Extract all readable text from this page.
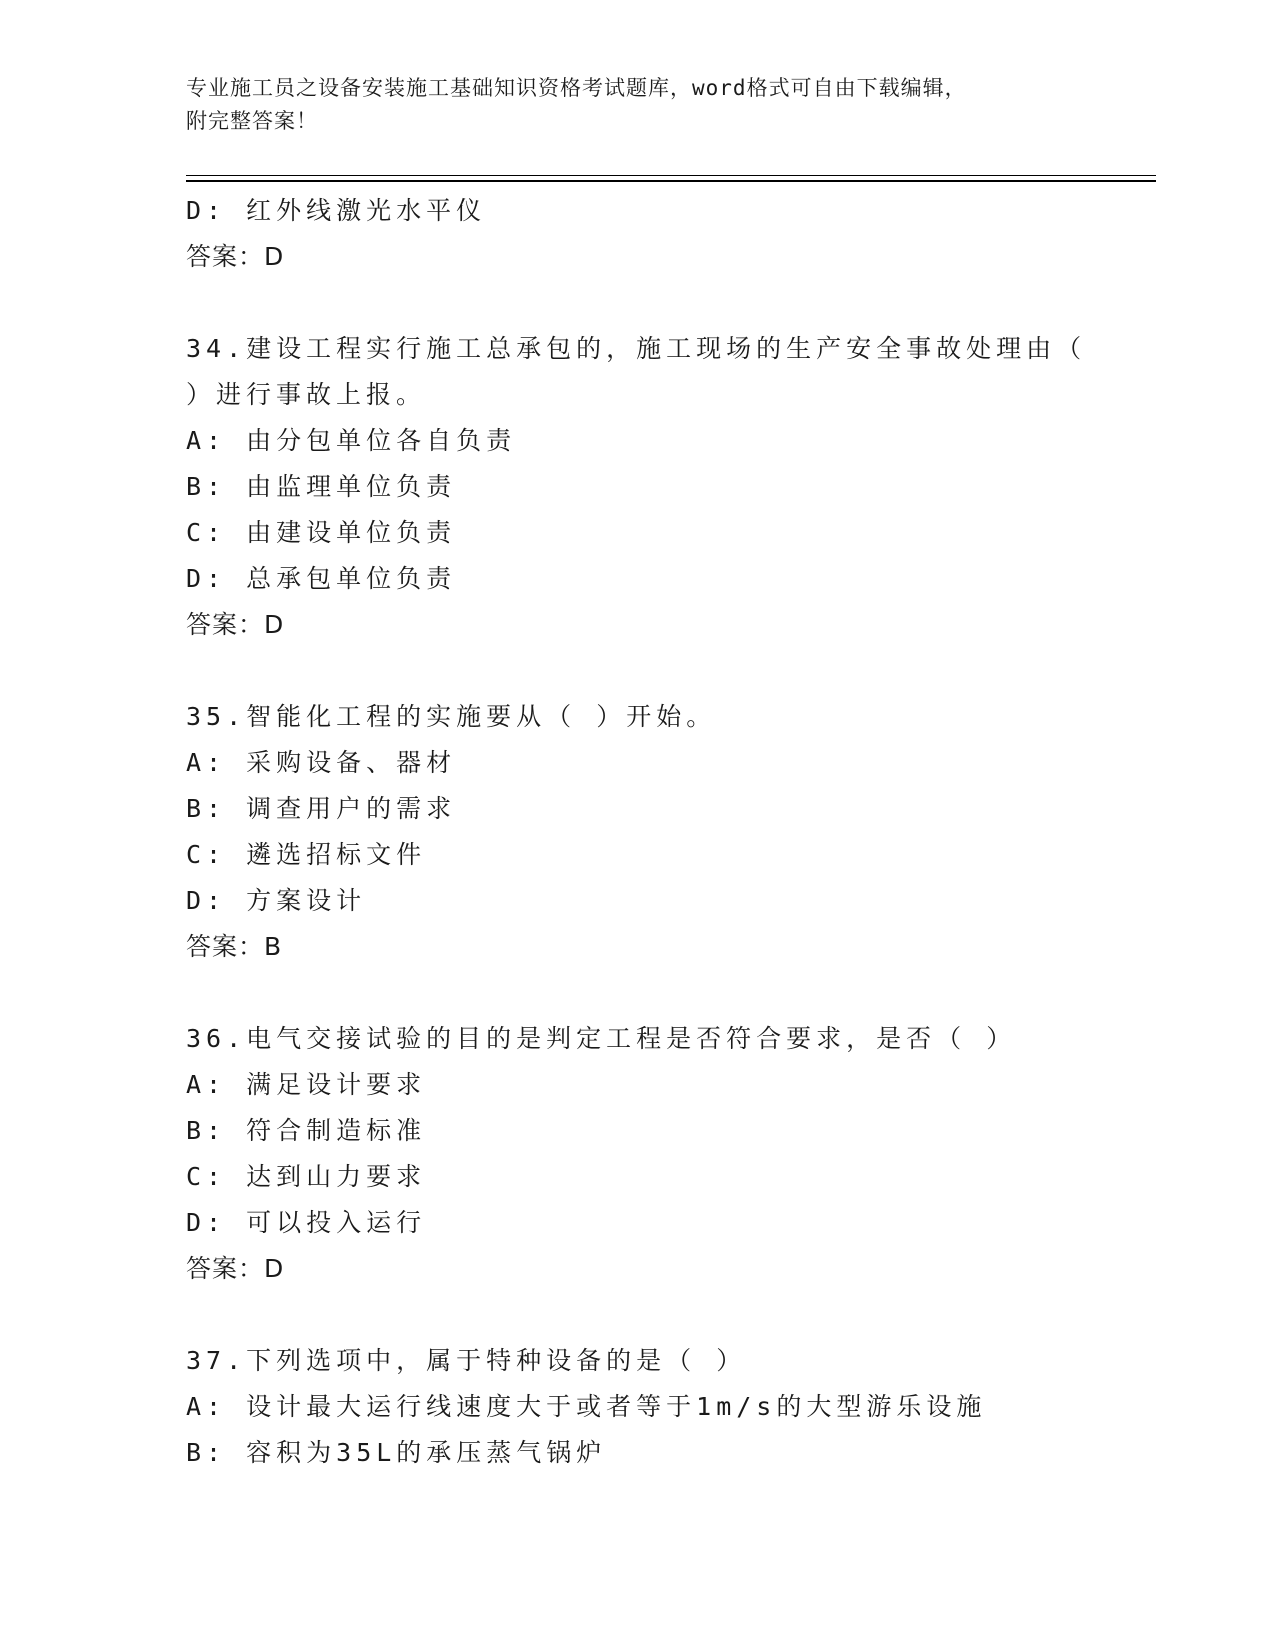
专业施工员之设备安装施工基础知识资格考试题库，word格式可自由下载编辑，
附完整答案！
D: 红外线激光水平仪
答案：D
34.建设工程实行施工总承包的，施工现场的生产安全事故处理由（
）进行事故上报。
A: 由分包单位各自负责
B: 由监理单位负责
C: 由建设单位负责
D: 总承包单位负责
答案：D
35.智能化工程的实施要从（ ）开始。
A: 采购设备、器材
B: 调查用户的需求
C: 遴选招标文件
D: 方案设计
答案：B
36.电气交接试验的目的是判定工程是否符合要求，是否（ ）
A: 满足设计要求
B: 符合制造标准
C: 达到山力要求
D: 可以投入运行
答案：D
37.下列选项中，属于特种设备的是（ ）
A: 设计最大运行线速度大于或者等于1m/s的大型游乐设施
B: 容积为35L的承压蒸气锅炉
